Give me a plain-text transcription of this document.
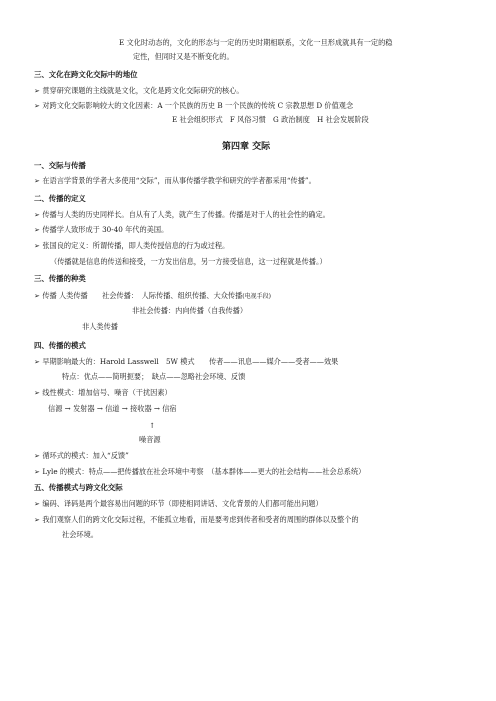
E 文化时动态的，文化的形态与一定的历史时期相联系，文化一旦形成就具有一定的稳
定性，但同时又是不断变化的。
三、文化在跨文化交际中的地位
➢ 贯穿研究课题的主线就是文化，文化是跨文化交际研究的核心。
➢ 对跨文化交际影响较大的文化因素：A 一个民族的历史 B 一个民族的传统 C 宗教思想 D 价值观念
E 社会组织形式　F 风俗习惯　G 政治制度　H 社会发展阶段
第四章 交际
一、交际与传播
➢ 在语言学背景的学者大多使用“交际”，而从事传播学教学和研究的学者都采用“传播”。
二、传播的定义
➢ 传播与人类的历史同样长。自从有了人类，就产生了传播。传播是对于人的社会性的确定。
➢ 传播学人致形成于 30-40 年代的美国。
➢ 张国良的定义：所谓传播，即人类传授信息的行为或过程。
（传播就是信息的传送和接受，一方发出信息，另一方接受信息，这一过程就是传播。）
三、传播的种类
➢ 传播 人类传播　　社会传播：　人际传播、组织传播、大众传播(电视手段)
非社会传播：内向传播（自我传播）
非人类传播
四、传播的模式
➢ 早期影响最大的：Harold Lasswell　5W 模式　　传者——讯息——媒介——受者——效果
特点：优点——简明扼要；　缺点——忽略社会环境、反馈
➢ 线性模式：增加信号、噪音（干扰因素）
信源 → 发射器 → 信道 → 接收器 → 信宿
↑
噪音源
➢ 循环式的模式：加入“反馈”
➢ Lyle 的模式：特点——把传播放在社会环境中考察　（基本群体——更大的社会结构——社会总系统）
五、传播模式与跨文化交际
➢ 编码、译码是两个最容易出问题的环节（即使相同讲话、文化背景的人们都可能出问题）
➢ 我们观察人们的跨文化交际过程，不能孤立地看，而是要考虑到传者和受者的周围的群体以及整个的
社会环境。
